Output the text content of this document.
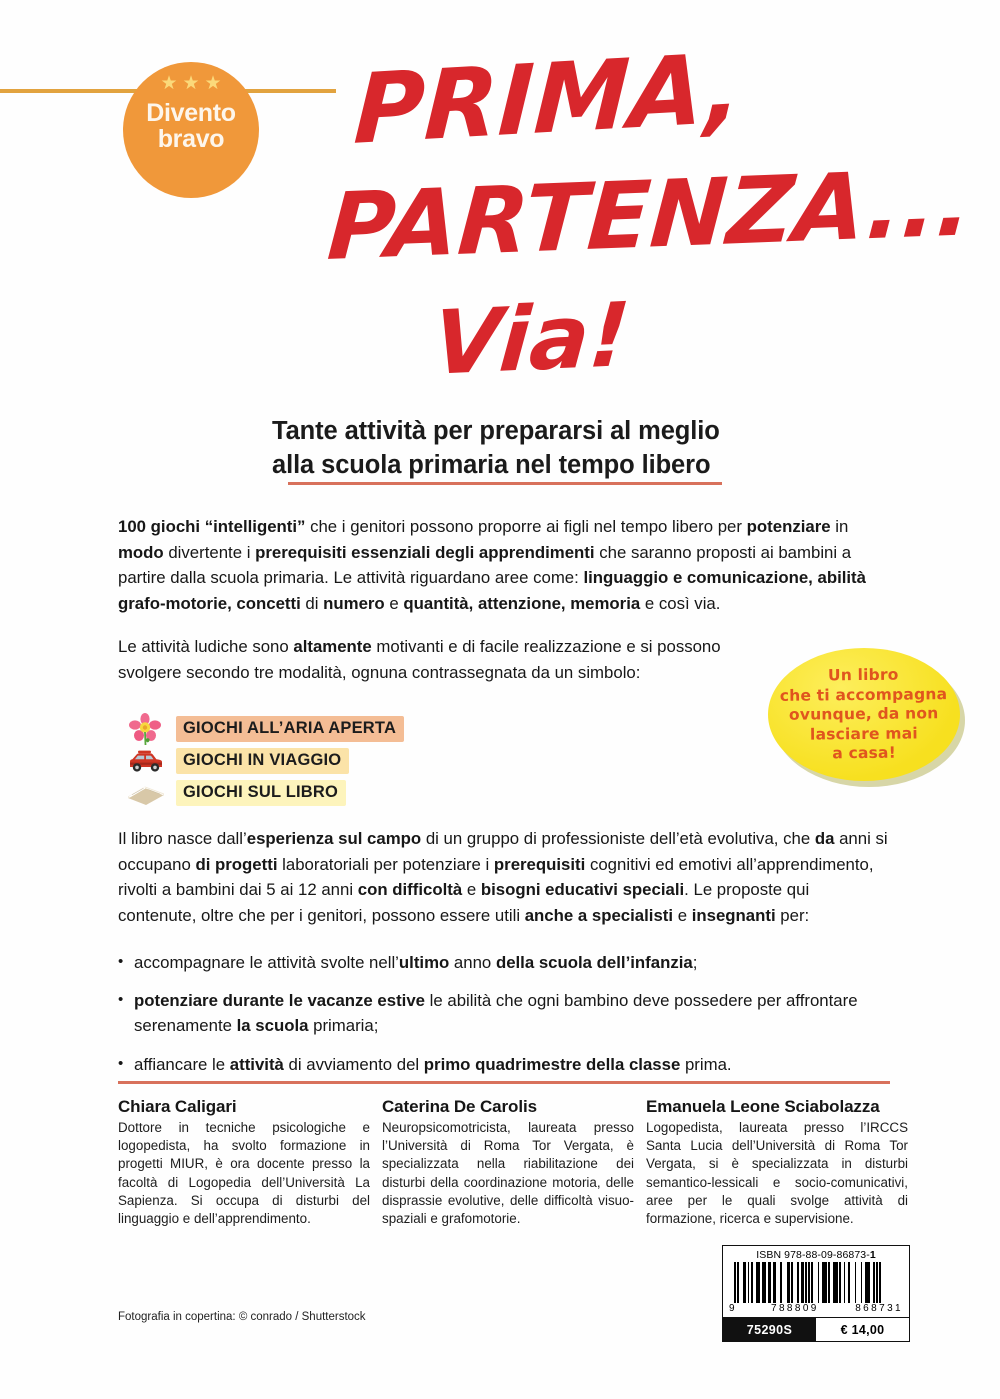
★★★
Divento
bravo PRIMA,
PARTENZA...
Via!
Tante attività per prepararsi al meglio
alla scuola primaria nel tempo libero

100 giochi “intelligenti” che i genitori possono proporre ai figli nel tempo libero per potenziare in modo divertente i prerequisiti essenziali degli apprendimenti che saranno proposti ai bambini a partire dalla scuola primaria. Le attività riguardano aree come: linguaggio e comunicazione, abilità grafo-motorie, concetti di numero e quantità, attenzione, memoria e così via.

Le attività ludiche sono altamente motivanti e di facile realizzazione e si possono svolgere secondo tre modalità, ognuna contrassegnata da un simbolo:

GIOCHI ALL’ARIA APERTA
GIOCHI IN VIAGGIO
GIOCHI SUL LIBRO
Un libro
che ti accompagna
ovunque, da non
lasciare mai
a casa!

Il libro nasce dall’esperienza sul campo di un gruppo di professioniste dell’età evolutiva, che da anni si occupano di progetti laboratoriali per potenziare i prerequisiti cognitivi ed emotivi all’apprendimento, rivolti a bambini dai 5 ai 12 anni con difficoltà e bisogni educativi speciali. Le proposte qui contenute, oltre che per i genitori, possono essere utili anche a specialisti e insegnanti per:

• accompagnare le attività svolte nell’ultimo anno della scuola dell’infanzia;
• potenziare durante le vacanze estive le abilità che ogni bambino deve possedere per affrontare serenamente la scuola primaria;
• affiancare le attività di avviamento del primo quadrimestre della classe prima.
Chiara Caligari
Dottore in tecniche psicologiche e logopedista, ha svolto formazione in progetti MIUR, è ora docente presso la facoltà di Logopedia dell’Università La Sapienza. Si occupa di disturbi del linguaggio e dell’apprendimento.
Caterina De Carolis
Neuropsicomotricista, laureata presso l’Università di Roma Tor Vergata, è specializzata nella riabilitazione dei disturbi della coordinazione motoria, delle disprassie evolutive, delle difficoltà visuo-spaziali e grafomotorie.
Emanuela Leone Sciabolazza
Logopedista, laureata presso l’IRCCS Santa Lucia dell’Università di Roma Tor Vergata, si è specializzata in disturbi semantico-lessicali e socio-comunicativi, aree per le quali svolge attività di formazione, ricerca e supervisione.
Fotografia in copertina: © conrado / Shutterstock
ISBN 978-88-09-86873-1
9	788809	868731
75290S	€ 14,00
